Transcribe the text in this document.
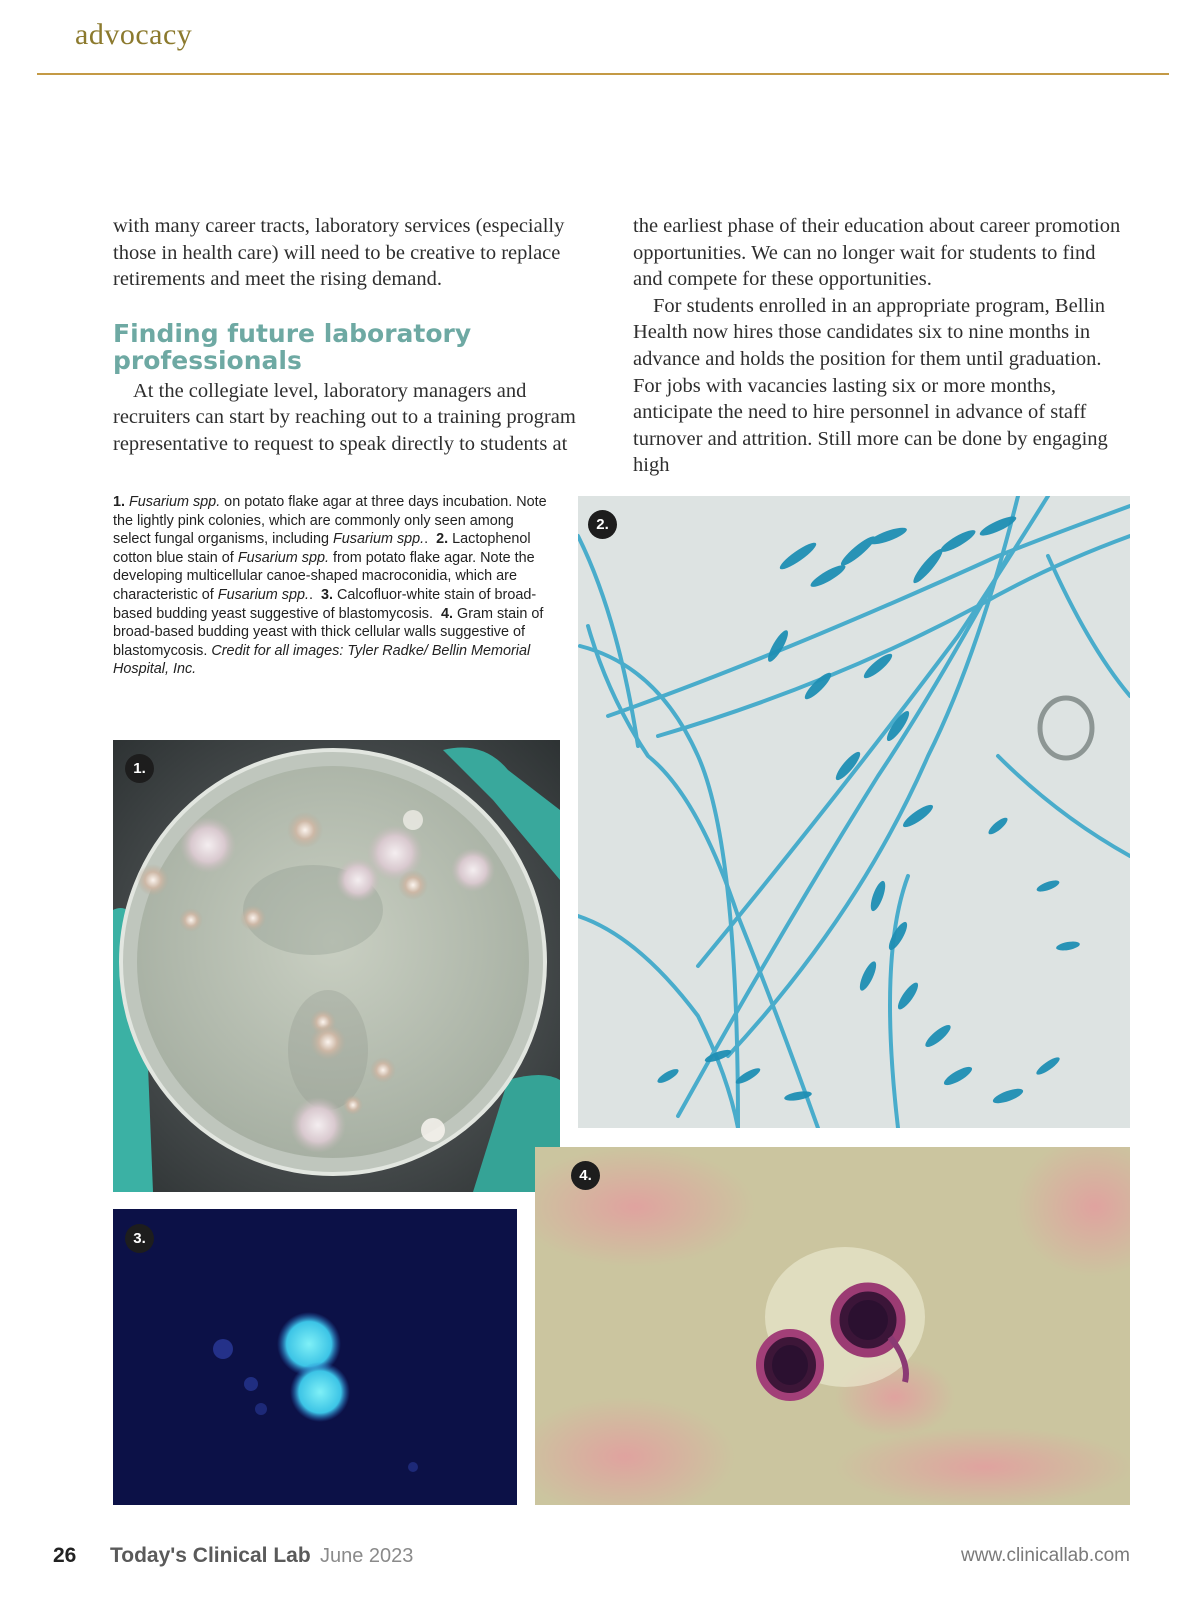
advocacy

with many career tracts, laboratory services (especially those in health care) will need to be creative to replace retirements and meet the rising demand.

Finding future laboratory professionals

At the collegiate level, laboratory managers and recruiters can start by reaching out to a training program representative to request to speak directly to students at

the earliest phase of their education about career promotion opportunities. We can no longer wait for students to find and compete for these opportunities.

For students enrolled in an appropriate program, Bellin Health now hires those candidates six to nine months in advance and holds the position for them until graduation. For jobs with vacancies lasting six or more months, anticipate the need to hire personnel in advance of staff turnover and attrition. Still more can be done by engaging high

1. Fusarium spp. on potato flake agar at three days incubation. Note the lightly pink colonies, which are commonly only seen among select fungal organisms, including Fusarium spp..  2. Lactophenol cotton blue stain of Fusarium spp. from potato flake agar. Note the developing multicellular canoe-shaped macroconidia, which are characteristic of Fusarium spp..  3. Calcofluor-white stain of broad-based budding yeast suggestive of blastomycosis. 4. Gram stain of broad-based budding yeast with thick cellular walls suggestive of blastomycosis. Credit for all images: Tyler Radke/ Bellin Memorial Hospital, Inc.
1.
2.
3.
4.
26 Today's Clinical Lab June 2023	www.clinicallab.com
